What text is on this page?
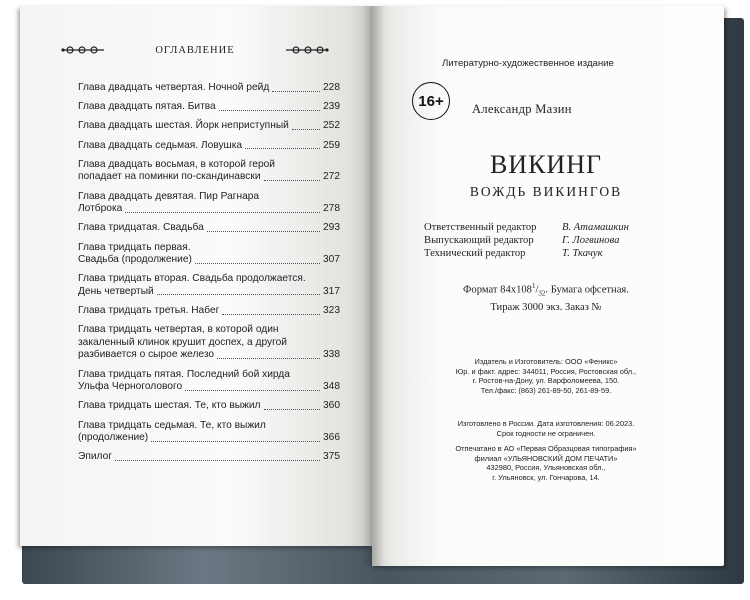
ОГЛАВЛЕНИЕ
Глава двадцать четвертая. Ночной рейд	228
Глава двадцать пятая. Битва	239
Глава двадцать шестая. Йорк неприступный	252
Глава двадцать седьмая. Ловушка	259
Глава двадцать восьмая, в которой герой
попадает на поминки по-скандинавски	272
Глава двадцать девятая. Пир Рагнара
Лотброка	278
Глава тридцатая. Свадьба	293
Глава тридцать первая.
Свадьба (продолжение)	307
Глава тридцать вторая. Свадьба продолжается.
День четвертый	317
Глава тридцать третья. Набег	323
Глава тридцать четвертая, в которой один
закаленный клинок крушит доспех, а другой
разбивается о сырое железо	338
Глава тридцать пятая. Последний бой хирда
Ульфа Черноголового	348
Глава тридцать шестая. Те, кто выжил	360
Глава тридцать седьмая. Те, кто выжил
(продолжение)	366
Эпилог	375
Литературно-художественное издание
16+	Александр Мазин
ВИКИНГ
ВОЖДЬ ВИКИНГОВ
Ответственный редактор	В. Атамашкин
Выпускающий редактор	Г. Логвинова
Технический редактор	Т. Ткачук
Формат $84х108^1/_{32}$. Бумага офсетная.
Тираж 3000 экз. Заказ №
Издатель и Изготовитель: ООО «Феникс»
Юр. и факт. адрес: 344011, Россия, Ростовская обл.,
г. Ростов-на-Дону, ул. Варфоломеева, 150.
Тел./факс: (863) 261-89-50, 261-89-59.
Изготовлено в России. Дата изготовления: 06.2023.
Срок годности не ограничен.
Отпечатано в АО «Первая Образцовая типография»
филиал «УЛЬЯНОВСКИЙ ДОМ ПЕЧАТИ»
432980, Россия, Ульяновская обл.,
г. Ульяновск, ул. Гончарова, 14.
